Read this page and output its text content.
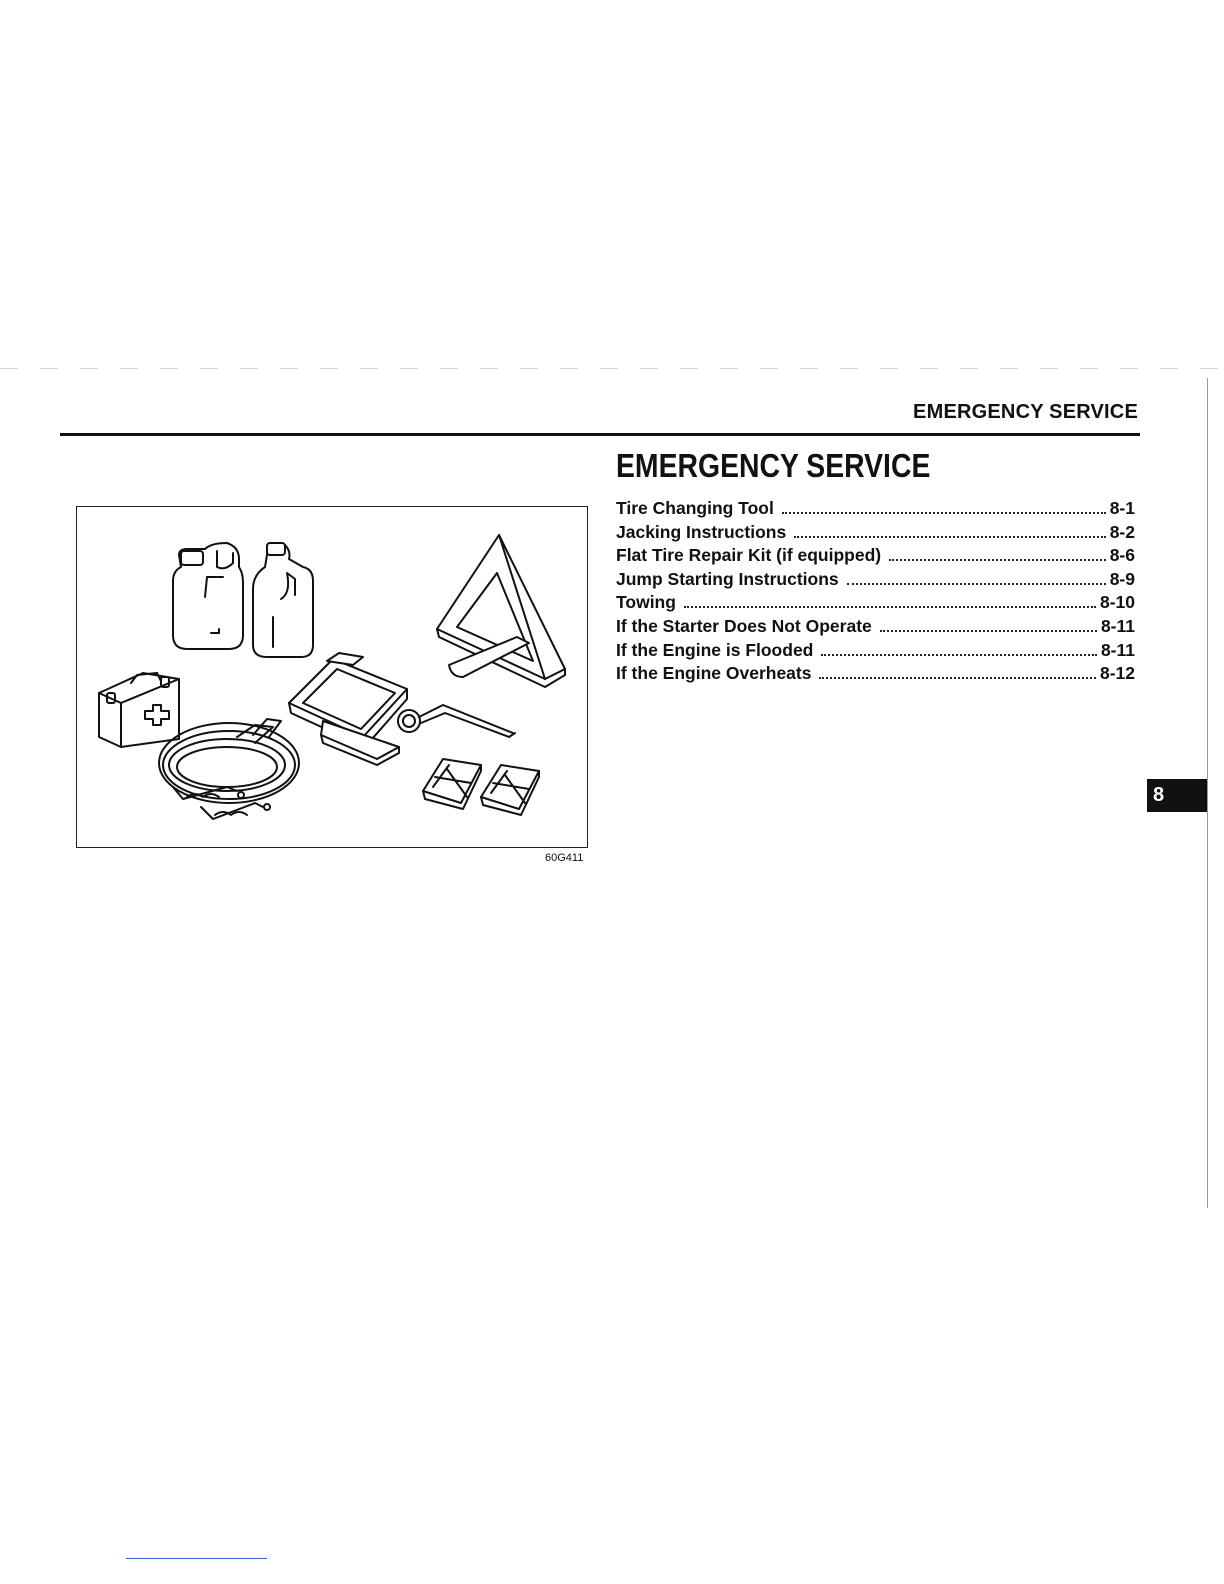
EMERGENCY SERVICE
EMERGENCY SERVICE
Tire Changing Tool	8-1
Jacking Instructions	8-2
Flat Tire Repair Kit (if equipped)	8-6
Jump Starting Instructions	8-9
Towing	8-10
If the Starter Does Not Operate	8-11
If the Engine is Flooded	8-11
If the Engine Overheats	8-12
60G411
8
